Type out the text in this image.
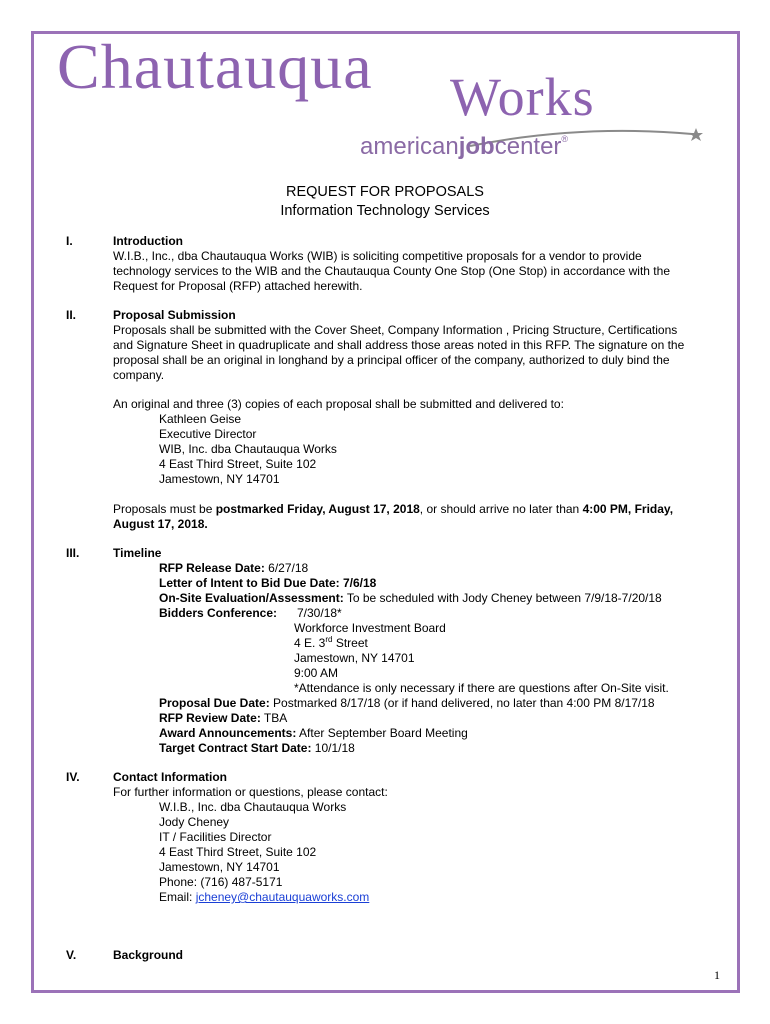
Chautauqua Works
americanjobcenter®
REQUEST FOR PROPOSALS
Information Technology Services
I.	Introduction
W.I.B., Inc., dba Chautauqua Works (WIB) is soliciting competitive proposals for a vendor to provide
technology services to the WIB and the Chautauqua County One Stop (One Stop) in accordance with the
Request for Proposal (RFP) attached herewith.
II.	Proposal Submission
Proposals shall be submitted with the Cover Sheet, Company Information , Pricing Structure, Certifications
and Signature Sheet in quadruplicate and shall address those areas noted in this RFP. The signature on the
proposal shall be an original in longhand by a principal officer of the company, authorized to duly bind the
company.
An original and three (3) copies of each proposal shall be submitted and delivered to:
Kathleen Geise
Executive Director
WIB, Inc. dba Chautauqua Works
4 East Third Street, Suite 102
Jamestown, NY 14701
Proposals must be postmarked Friday, August 17, 2018, or should arrive no later than 4:00 PM, Friday,
August 17, 2018.
III.	Timeline
RFP Release Date: 6/27/18
Letter of Intent to Bid Due Date: 7/6/18
On-Site Evaluation/Assessment: To be scheduled with Jody Cheney between 7/9/18-7/20/18
Bidders Conference: 7/30/18*
Workforce Investment Board
4 E. 3rd Street
Jamestown, NY 14701
9:00 AM
*Attendance is only necessary if there are questions after On-Site visit.
Proposal Due Date: Postmarked 8/17/18 (or if hand delivered, no later than 4:00 PM 8/17/18
RFP Review Date: TBA
Award Announcements: After September Board Meeting
Target Contract Start Date: 10/1/18
IV.	Contact Information
For further information or questions, please contact:
W.I.B., Inc. dba Chautauqua Works
Jody Cheney
IT / Facilities Director
4 East Third Street, Suite 102
Jamestown, NY 14701
Phone: (716) 487-5171
Email: jcheney@chautauquaworks.com
V.	Background
1
